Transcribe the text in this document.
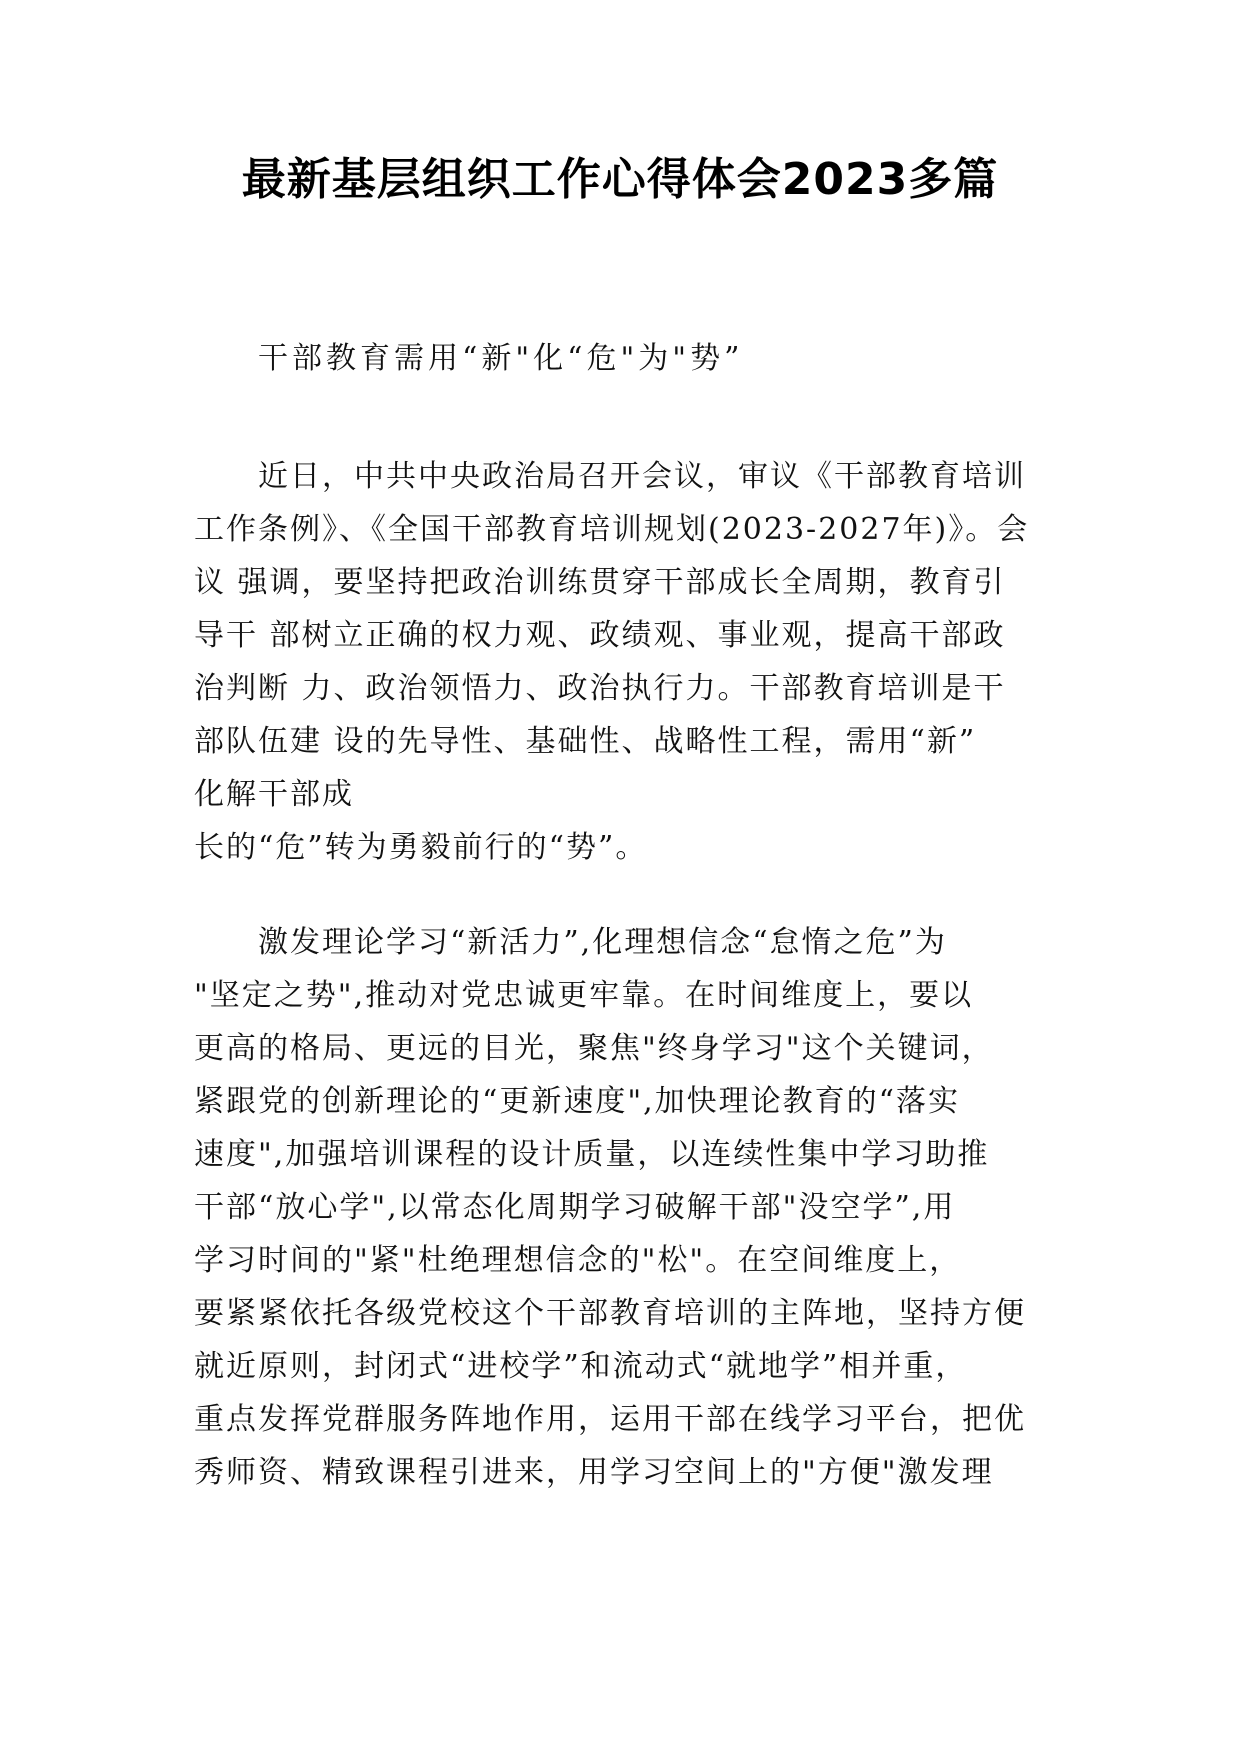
最新基层组织工作心得体会2023多篇
干部教育需用“新"化“危"为"势”
近日，中共中央政治局召开会议，审议《干部教育培训
工作条例》、《全国干部教育培训规划(2023-2027年)》。会
议 强调，要坚持把政治训练贯穿干部成长全周期，教育引
导干 部树立正确的权力观、政绩观、事业观，提高干部政
治判断 力、政治领悟力、政治执行力。干部教育培训是干
部队伍建 设的先导性、基础性、战略性工程，需用“新”
化解干部成
长的“危”转为勇毅前行的“势”。
激发理论学习“新活力”,化理想信念“怠惰之危”为
"坚定之势",推动对党忠诚更牢靠。在时间维度上，要以
更高的格局、更远的目光，聚焦"终身学习"这个关键词，
紧跟党的创新理论的“更新速度",加快理论教育的“落实
速度",加强培训课程的设计质量，以连续性集中学习助推
干部“放心学",以常态化周期学习破解干部"没空学”,用
学习时间的"紧"杜绝理想信念的"松"。在空间维度上，
要紧紧依托各级党校这个干部教育培训的主阵地，坚持方便
就近原则，封闭式“进校学”和流动式“就地学”相并重，
重点发挥党群服务阵地作用，运用干部在线学习平台，把优
秀师资、精致课程引进来，用学习空间上的"方便"激发理
